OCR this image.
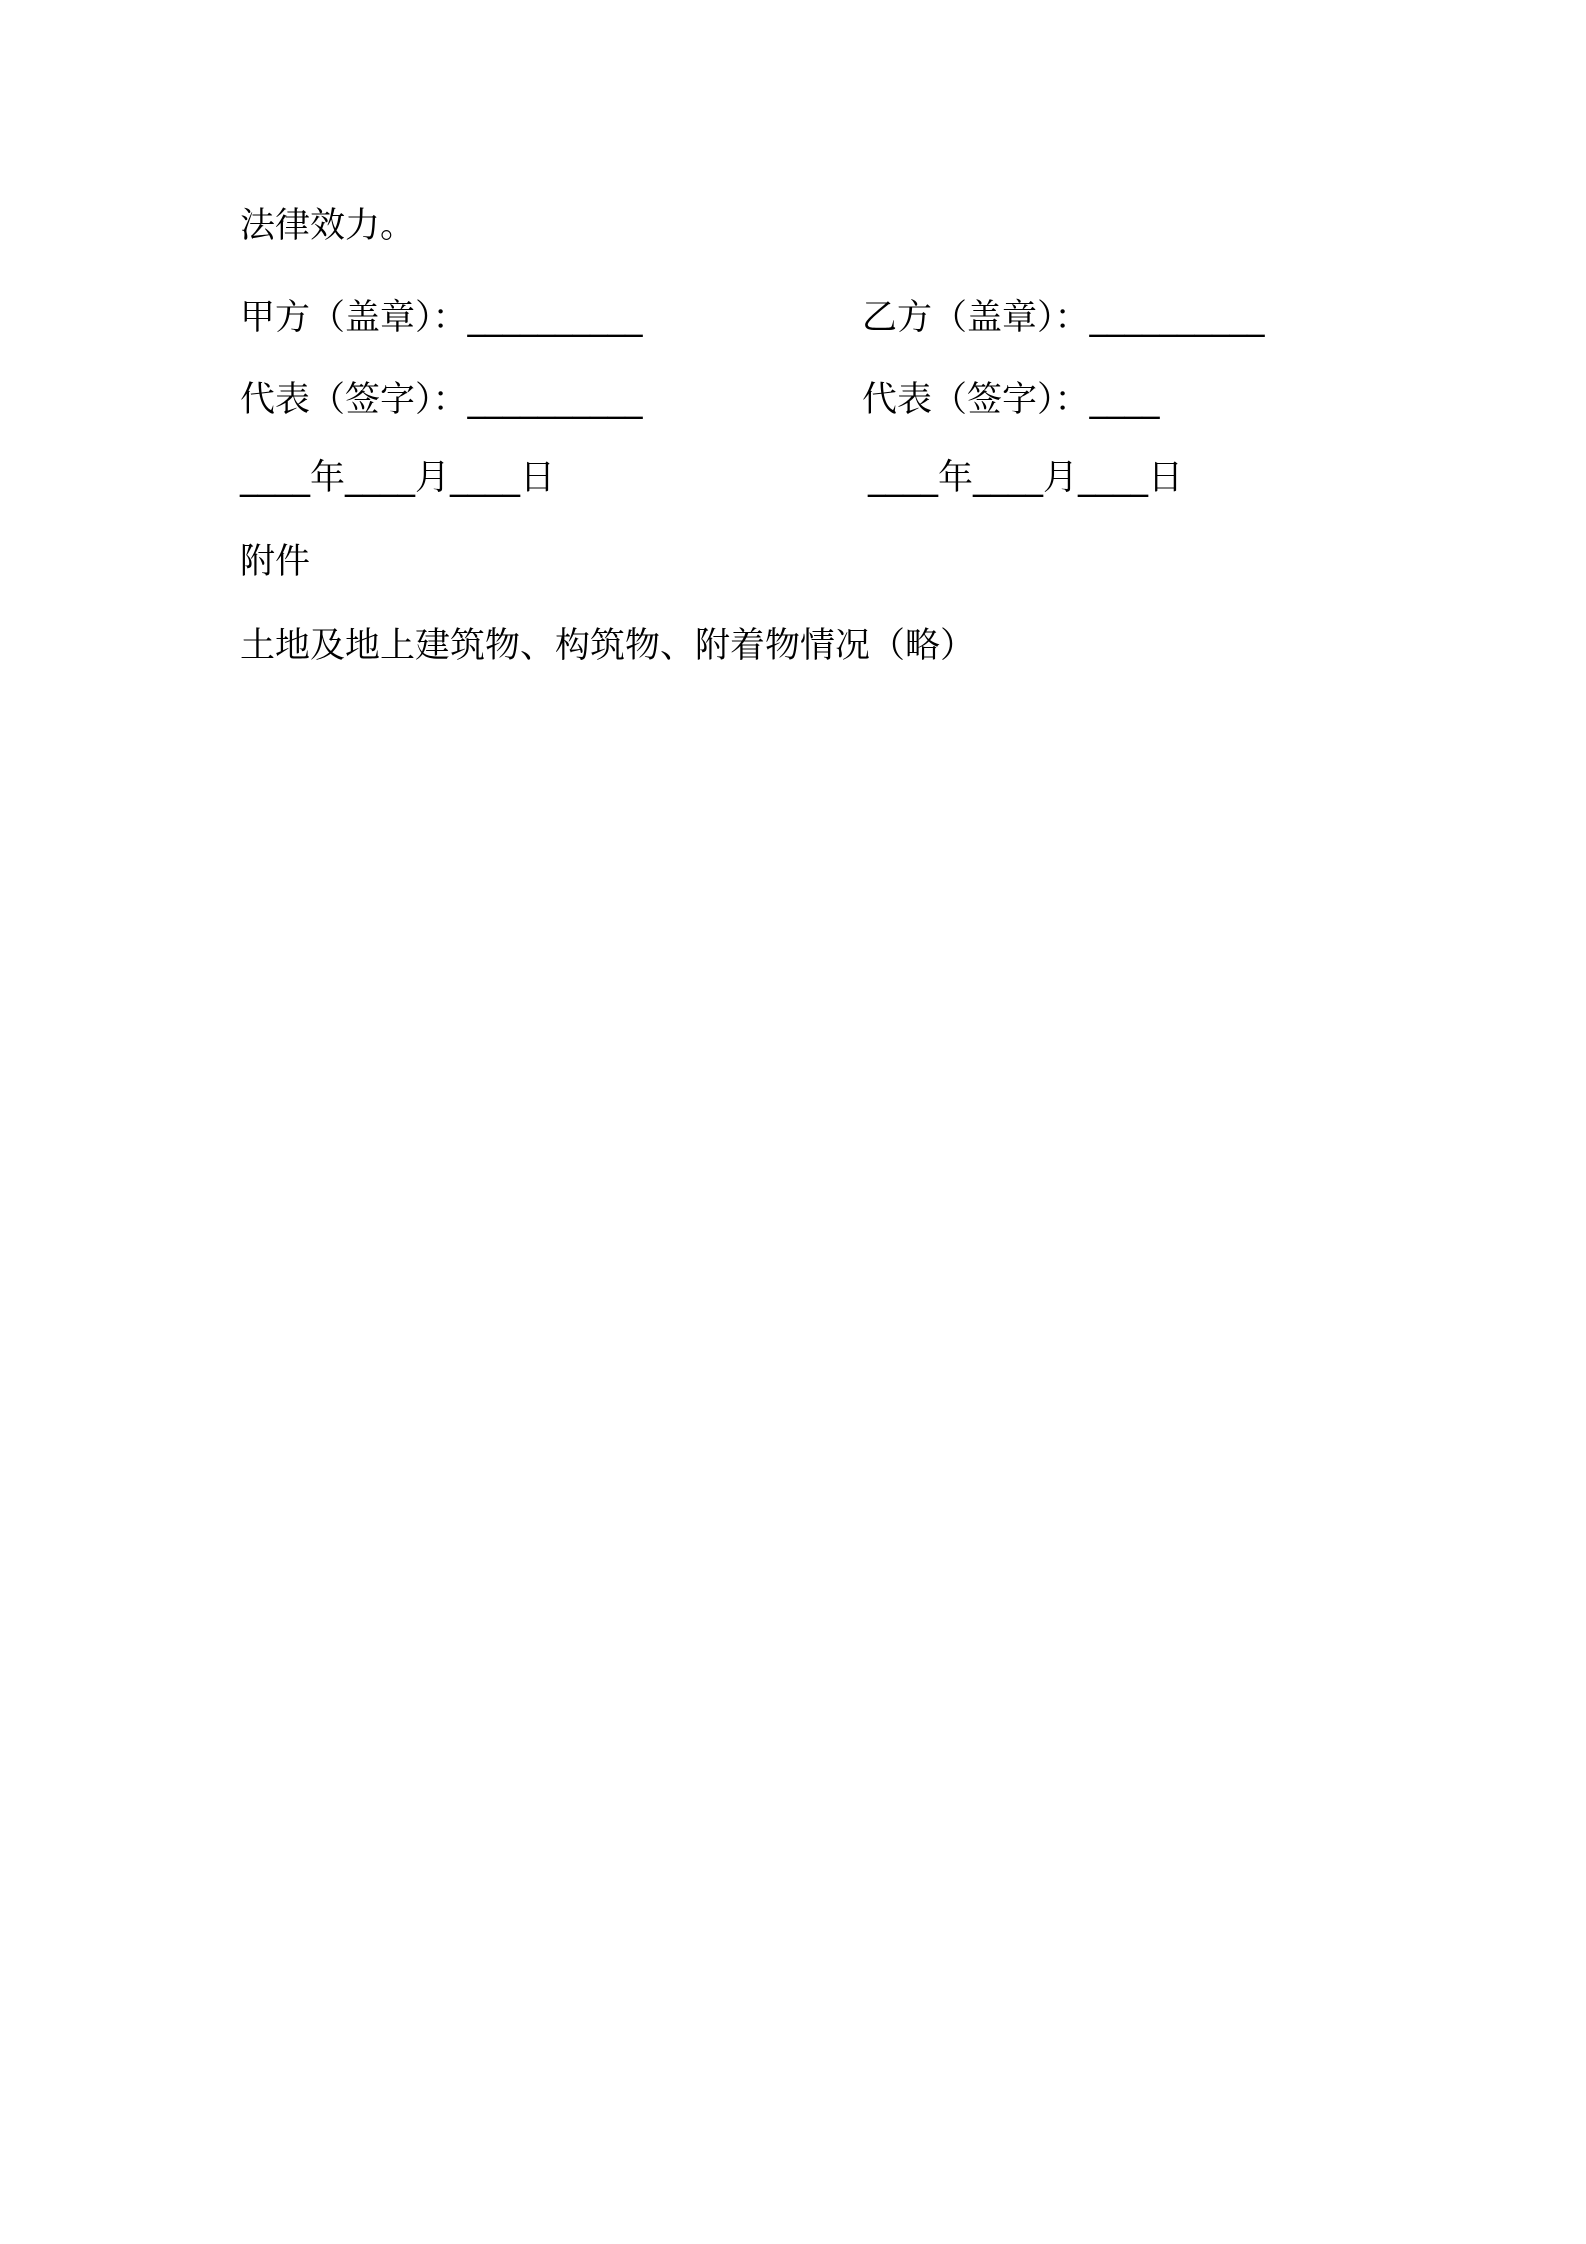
法律效力。
甲方（盖章）：__________	乙方（盖章）：__________
代表（签字）：__________	代表（签字）：____
____年____月____日	____年____月____日
附件
土地及地上建筑物、构筑物、附着物情况（略）
